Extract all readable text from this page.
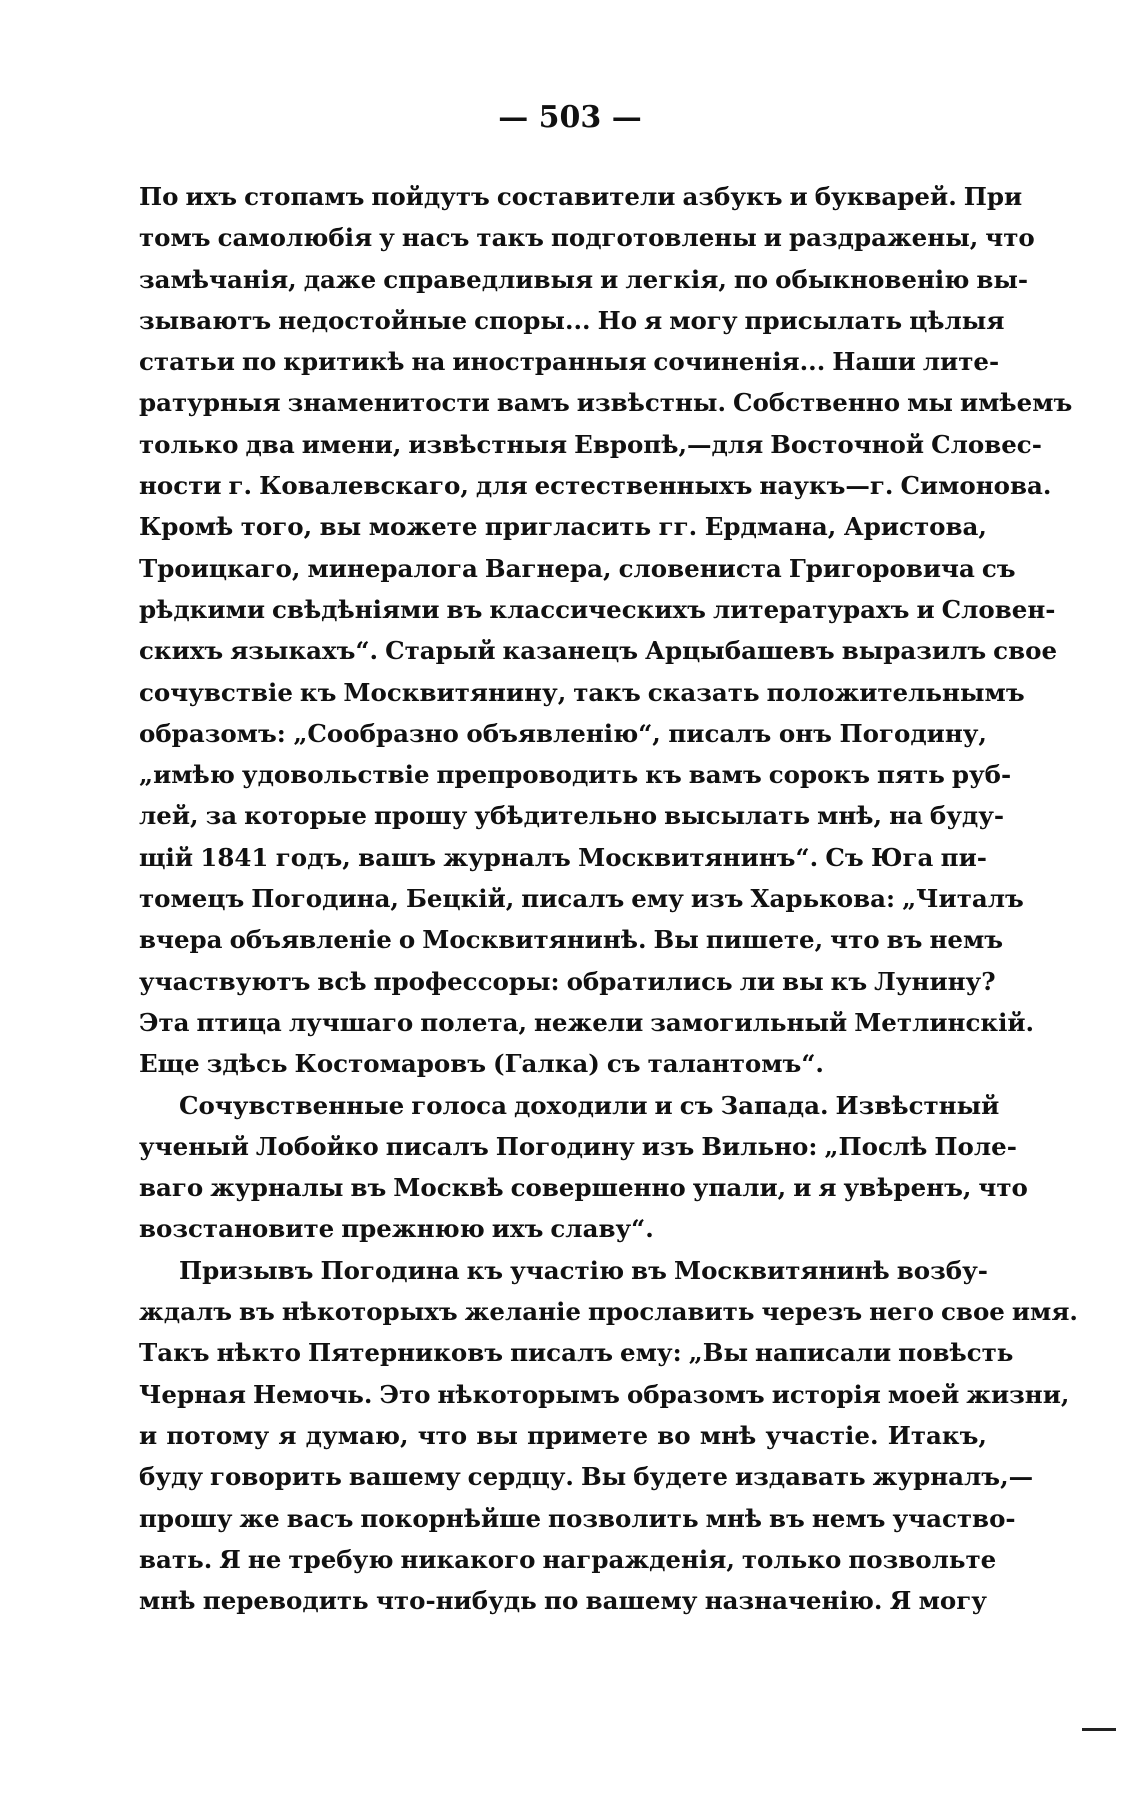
— 503 —
По ихъ стопамъ пойдутъ составители азбукъ и букварей. При
томъ самолюбія у насъ такъ подготовлены и раздражены, что
замѣчанія, даже справедливыя и легкія, по обыкновенію вы-
зываютъ недостойные споры... Но я могу присылать цѣлыя
статьи по критикѣ на иностранныя сочиненія... Наши лите-
ратурныя знаменитости вамъ извѣстны. Собственно мы имѣемъ
только два имени, извѣстныя Европѣ,—для Восточной Словес-
ности г. Ковалевскаго, для естественныхъ наукъ—г. Симонова.
Кромѣ того, вы можете пригласить гг. Ердмана, Аристова,
Троицкаго, минералога Вагнера, словениста Григоровича съ
рѣдкими свѣдѣніями въ классическихъ литературахъ и Словен-
скихъ языкахъ“. Старый казанецъ Арцыбашевъ выразилъ свое
сочувствіе къ Москвитянину, такъ сказать положительнымъ
образомъ: „Сообразно объявленію“, писалъ онъ Погодину,
„имѣю удовольствіе препроводить къ вамъ сорокъ пять руб-
лей, за которые прошу убѣдительно высылать мнѣ, на буду-
щій 1841 годъ, вашъ журналъ Москвитянинъ“. Съ Юга пи-
томецъ Погодина, Бецкій, писалъ ему изъ Харькова: „Читалъ
вчера объявленіе о Москвитянинѣ. Вы пишете, что въ немъ
участвуютъ всѣ профессоры: обратились ли вы къ Лунину?
Эта птица лучшаго полета, нежели замогильный Метлинскій.
Еще здѣсь Костомаровъ (Галка) съ талантомъ“.
Сочувственные голоса доходили и съ Запада. Извѣстный
ученый Лобойко писалъ Погодину изъ Вильно: „Послѣ Поле-
ваго журналы въ Москвѣ совершенно упали, и я увѣренъ, что
возстановите прежнюю ихъ славу“.
Призывъ Погодина къ участію въ Москвитянинѣ возбу-
ждалъ въ нѣкоторыхъ желаніе прославить черезъ него свое имя.
Такъ нѣкто Пятерниковъ писалъ ему: „Вы написали повѣсть
Черная Немочь. Это нѣкоторымъ образомъ исторія моей жизни,
и потому я думаю, что вы примете во мнѣ участіе. Итакъ,
буду говорить вашему сердцу. Вы будете издавать журналъ,—
прошу же васъ покорнѣйше позволить мнѣ въ немъ участво-
вать. Я не требую никакого награжденія, только позвольте
мнѣ переводить что-нибудь по вашему назначенію. Я могу
